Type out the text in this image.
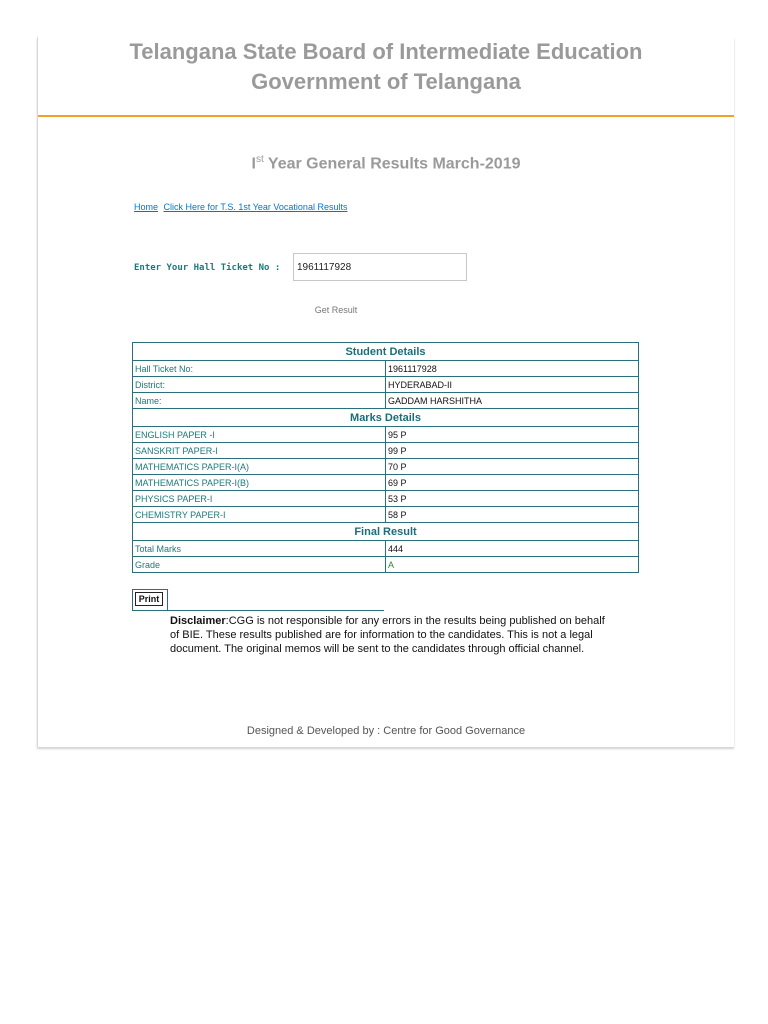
Telangana State Board of Intermediate Education
Government of Telangana
Ist Year General Results March-2019
Home Click Here for T.S. 1st Year Vocational Results
Enter Your Hall Ticket No :
1961117928
Get Result
Student Details	
Hall Ticket No:	1961117928
District:	HYDERABAD-II
Name:	GADDAM HARSHITHA
Marks Details	
ENGLISH PAPER -I	95 P
SANSKRIT PAPER-I	99 P
MATHEMATICS PAPER-I(A)	70 P
MATHEMATICS PAPER-I(B)	69 P
PHYSICS PAPER-I	53 P
CHEMISTRY PAPER-I	58 P
Final Result	
Total Marks	444
Grade	A
Print
Disclaimer:CGG is not responsible for any errors in the results being published on behalf of BIE. These results published are for information to the candidates. This is not a legal document. The original memos will be sent to the candidates through official channel.
Designed & Developed by : Centre for Good Governance
